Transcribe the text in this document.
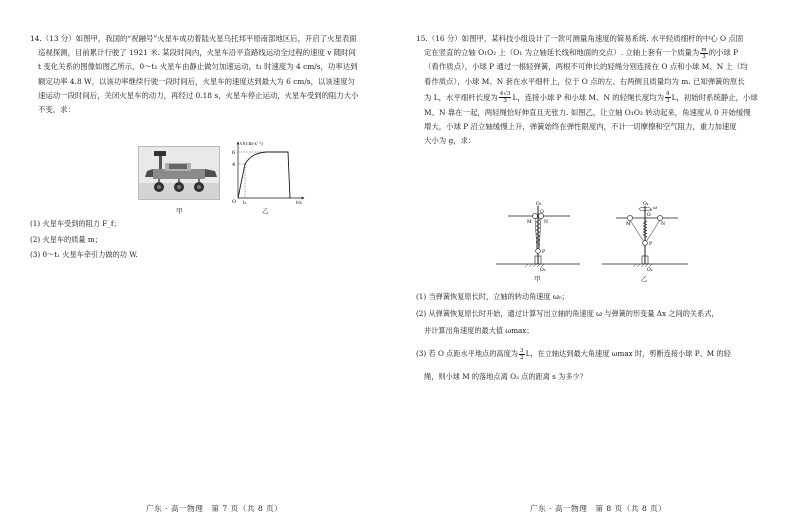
14.（13 分）如图甲，我国的“祝融号”火星车成功着陆火星乌托邦平原南部地区后，开启了火星表面
巡视探测，目前累计行驶了 1921 米. 某段时间内，火星车沿平直路线运动全过程的速度 v 随时间
t 变化关系的图像如图乙所示，0～t₁ 火星车由静止做匀加速运动，t₁ 时速度为 4 cm/s，功率达到
额定功率 4.8 W，以该功率继续行驶一段时间后，火星车的速度达到最大为 6 cm/s，以该速度匀
速运动一段时间后，关闭火星车的动力，再经过 0.18 s，火星车停止运动，火星车受到的阻力大小
不变，求：
甲
v/(cm·s⁻¹)
6
4
O t₁	t/s
乙
(1) 火星车受到的阻力 F_f；
(2) 火星车的质量 m；
(3) 0～t₁ 火星车牵引力做的功 W.
广东 · 高一物理　第 7 页（共 8 页）
15.（16 分）如图甲，某科技小组设计了一款可测量角速度的简易系统. 水平轻质细杆的中心 O 点固
定在竖直的立轴 O₁O₂ 上（O₁ 为立轴延长线和地面的交点）. 立轴上套有一个质量为 $\frac{m}{3}$ 的小球 P
（看作质点），小球 P 通过一根轻弹簧，两根不可伸长的轻绳分别连接在 O 点和小球 M、N 上（均
看作质点），小球 M、N 套在水平细杆上，位于 O 点的左、右两侧且质量均为 m. 已知弹簧的原长
为 L，水平细杆长度为 $\frac{4√3}{3}$ L，连接小球 P 和小球 M、N 的轻绳长度均为 $\frac{4}{3}$ L，初始时系统静止，小球
M、N 靠在一起，两轻绳恰好伸直且无张力. 如图乙，让立轴 O₁O₂ 转动起来，角速度从 0 开始缓慢
增大，小球 P 沿立轴缓慢上升，弹簧始终在弹性限度内，不计一切摩擦和空气阻力，重力加速度
大小为 g，求：
O₁
O
M	N
P
O₂
甲
O₁
ω
O
M	N
P
O₂
乙
(1) 当弹簧恢复原长时，立轴的转动角速度 ω₀；
(2) 从弹簧恢复原长时开始，通过计算写出立轴的角速度 ω 与弹簧的形变量 Δx 之间的关系式，
并计算出角速度的最大值 ωmax；
(3) 若 O 点距水平地点的高度为 $\frac{3}{2}$ L，在立轴达到最大角速度 ωmax 时，剪断连接小球 P、M 的轻
绳，则小球 M 的落地点离 O₂ 点的距离 s 为多少？
广东 · 高一物理　第 8 页（共 8 页）
